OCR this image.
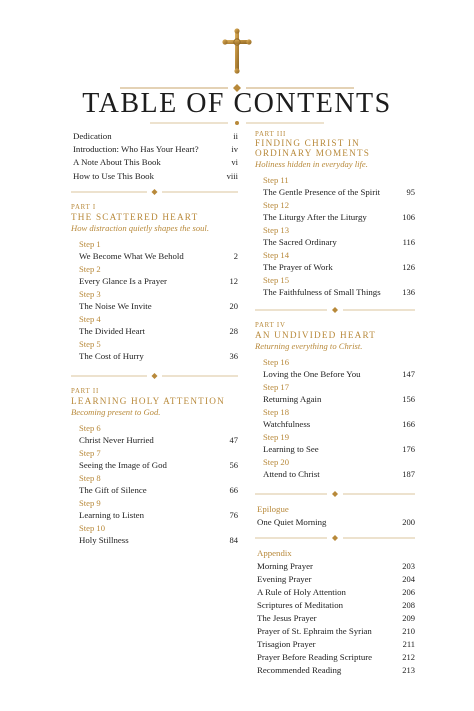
TABLE OF CONTENTS
Dedication	ii
Introduction: Who Has Your Heart?	iv
A Note About This Book	vi
How to Use This Book	viii
PART I
THE SCATTERED HEART
How distraction quietly shapes the soul.
Step 1
We Become What We Behold	2
Step 2
Every Glance Is a Prayer	12
Step 3
The Noise We Invite	20
Step 4
The Divided Heart	28
Step 5
The Cost of Hurry	36
PART II
LEARNING HOLY ATTENTION
Becoming present to God.
Step 6
Christ Never Hurried	47
Step 7
Seeing the Image of God	56
Step 8
The Gift of Silence	66
Step 9
Learning to Listen	76
Step 10
Holy Stillness	84
PART III
FINDING CHRIST IN ORDINARY MOMENTS
Holiness hidden in everyday life.
Step 11
The Gentle Presence of the Spirit	95
Step 12
The Liturgy After the Liturgy	106
Step 13
The Sacred Ordinary	116
Step 14
The Prayer of Work	126
Step 15
The Faithfulness of Small Things	136
PART IV
AN UNDIVIDED HEART
Returning everything to Christ.
Step 16
Loving the One Before You	147
Step 17
Returning Again	156
Step 18
Watchfulness	166
Step 19
Learning to See	176
Step 20
Attend to Christ	187
Epilogue
One Quiet Morning	200
Appendix
Morning Prayer	203
Evening Prayer	204
A Rule of Holy Attention	206
Scriptures of Meditation	208
The Jesus Prayer	209
Prayer of St. Ephraim the Syrian	210
Trisagion Prayer	211
Prayer Before Reading Scripture	212
Recommended Reading	213
